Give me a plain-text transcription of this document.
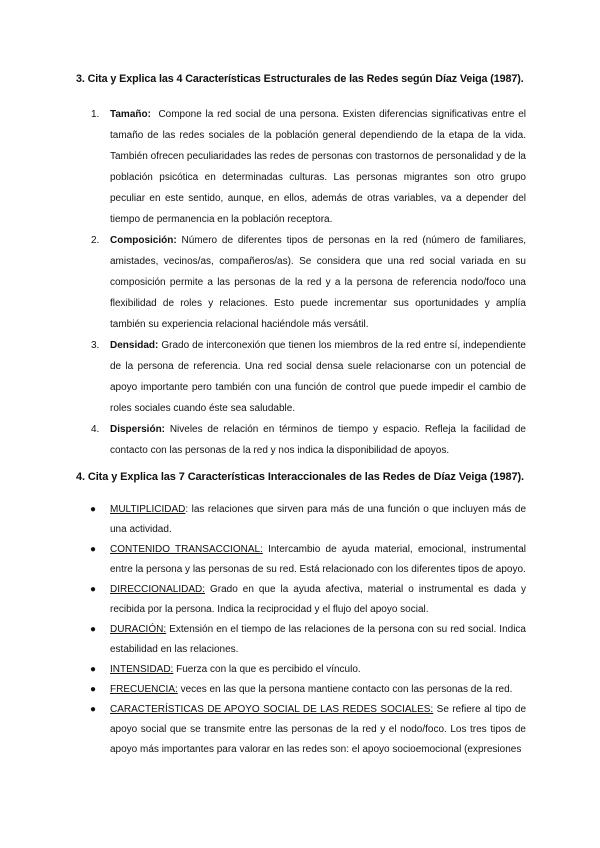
3. Cita y Explica las 4 Características Estructurales de las Redes según Díaz Veiga (1987).
1. Tamaño: Compone la red social de una persona. Existen diferencias significativas entre el tamaño de las redes sociales de la población general dependiendo de la etapa de la vida. También ofrecen peculiaridades las redes de personas con trastornos de personalidad y de la población psicótica en determinadas culturas. Las personas migrantes son otro grupo peculiar en este sentido, aunque, en ellos, además de otras variables, va a depender del tiempo de permanencia en la población receptora.
2. Composición: Número de diferentes tipos de personas en la red (número de familiares, amistades, vecinos/as, compañeros/as). Se considera que una red social variada en su composición permite a las personas de la red y a la persona de referencia nodo/foco una flexibilidad de roles y relaciones. Esto puede incrementar sus oportunidades y amplía también su experiencia relacional haciéndole más versátil.
3. Densidad: Grado de interconexión que tienen los miembros de la red entre sí, independiente de la persona de referencia. Una red social densa suele relacionarse con un potencial de apoyo importante pero también con una función de control que puede impedir el cambio de roles sociales cuando éste sea saludable.
4. Dispersión: Niveles de relación en términos de tiempo y espacio. Refleja la facilidad de contacto con las personas de la red y nos indica la disponibilidad de apoyos.
4. Cita y Explica las 7 Características Interaccionales de las Redes de Díaz Veiga (1987).
● MULTIPLICIDAD: las relaciones que sirven para más de una función o que incluyen más de una actividad.
● CONTENIDO TRANSACCIONAL: Intercambio de ayuda material, emocional, instrumental entre la persona y las personas de su red. Está relacionado con los diferentes tipos de apoyo.
● DIRECCIONALIDAD: Grado en que la ayuda afectiva, material o instrumental es dada y recibida por la persona. Indica la reciprocidad y el flujo del apoyo social.
● DURACIÓN: Extensión en el tiempo de las relaciones de la persona con su red social. Indica estabilidad en las relaciones.
● INTENSIDAD: Fuerza con la que es percibido el vínculo.
● FRECUENCIA: veces en las que la persona mantiene contacto con las personas de la red.
● CARACTERÍSTICAS DE APOYO SOCIAL DE LAS REDES SOCIALES: Se refiere al tipo de apoyo social que se transmite entre las personas de la red y el nodo/foco. Los tres tipos de apoyo más importantes para valorar en las redes son: el apoyo socioemocional (expresiones
